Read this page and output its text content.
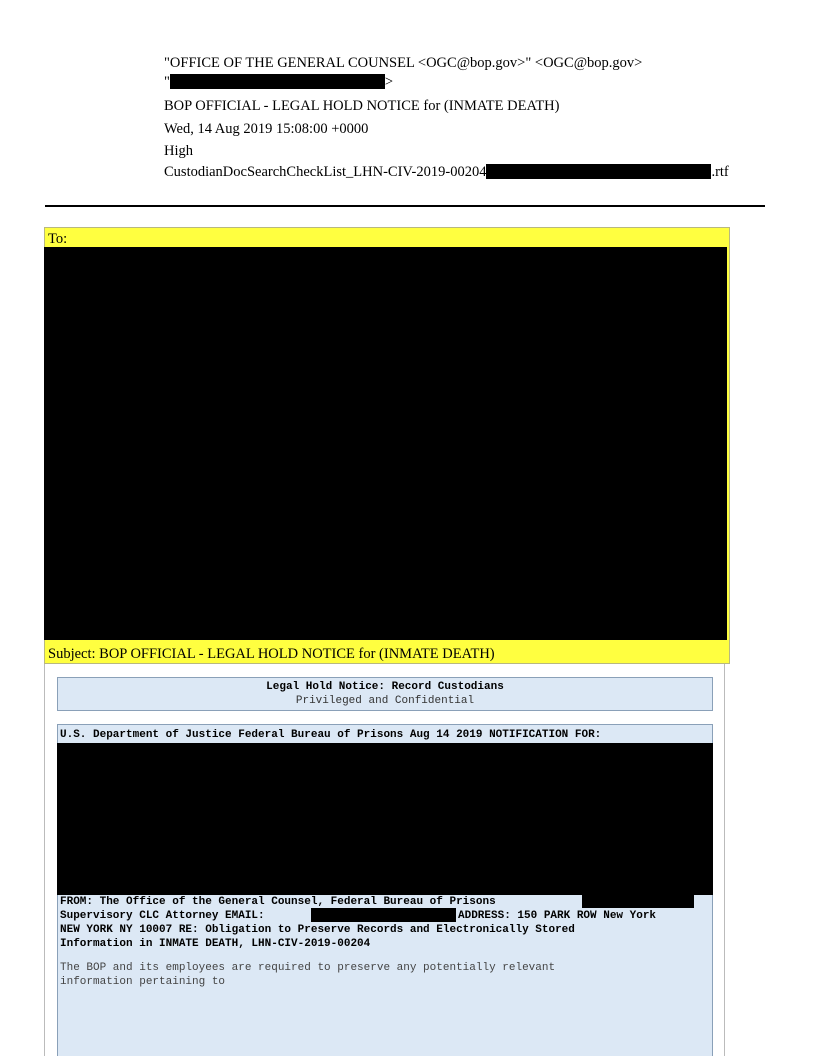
"OFFICE OF THE GENERAL COUNSEL <OGC@bop.gov>" <OGC@bop.gov>
"	>
BOP OFFICIAL - LEGAL HOLD NOTICE for (INMATE DEATH)
Wed, 14 Aug 2019 15:08:00 +0000
High
CustodianDocSearchCheckList_LHN-CIV-2019-00204	.rtf
To:
Subject: BOP OFFICIAL - LEGAL HOLD NOTICE for (INMATE DEATH)
Legal Hold Notice: Record Custodians
Privileged and Confidential
U.S. Department of Justice Federal Bureau of Prisons Aug 14 2019 NOTIFICATION FOR:
FROM: The Office of the General Counsel, Federal Bureau of Prisons
Supervisory CLC Attorney EMAIL:	ADDRESS: 150 PARK ROW New York
NEW YORK NY 10007 RE: Obligation to Preserve Records and Electronically Stored
Information in INMATE DEATH, LHN-CIV-2019-00204
The BOP and its employees are required to preserve any potentially relevant
information pertaining to
